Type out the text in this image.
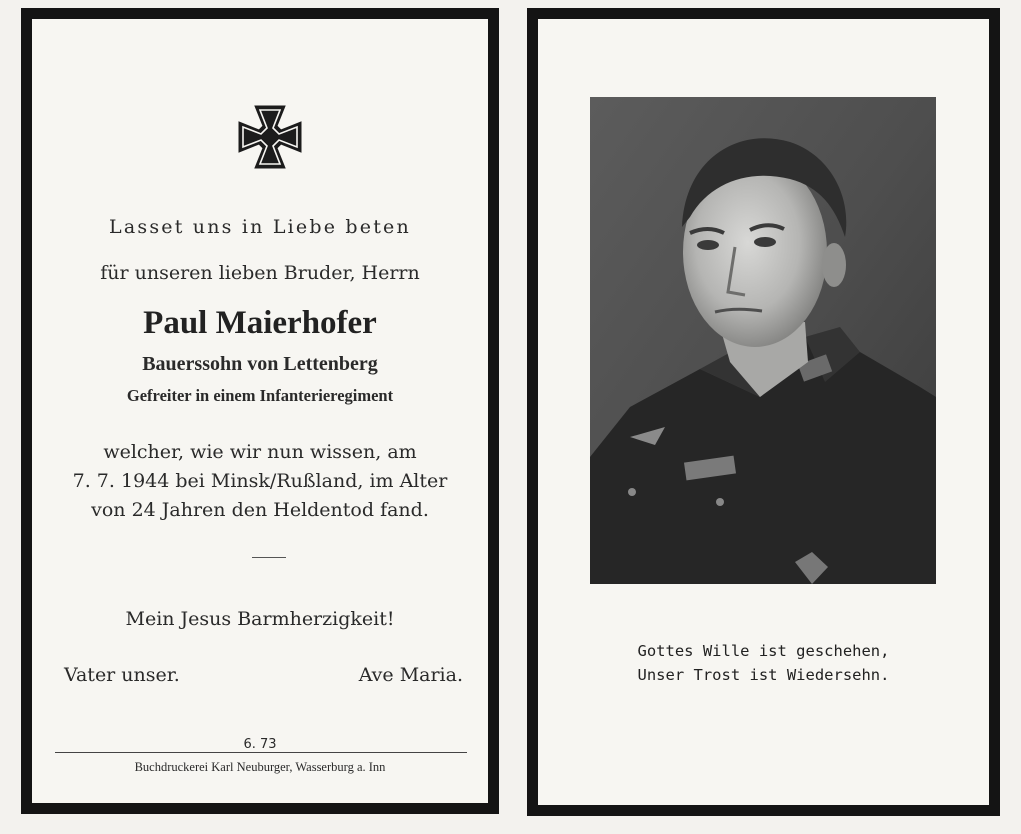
Lasset uns in Liebe beten
für unseren lieben Bruder, Herrn
Paul Maierhofer
Bauerssohn von Lettenberg
Gefreiter in einem Infanterieregiment
welcher, wie wir nun wissen, am
7. 7. 1944 bei Minsk/Rußland, im Alter
von 24 Jahren den Heldentod fand.
Mein Jesus Barmherzigkeit!
Vater unser.	Ave Maria.
6. 73
Buchdruckerei Karl Neuburger, Wasserburg a. Inn
Gottes Wille ist geschehen,
Unser Trost ist Wiedersehn.
